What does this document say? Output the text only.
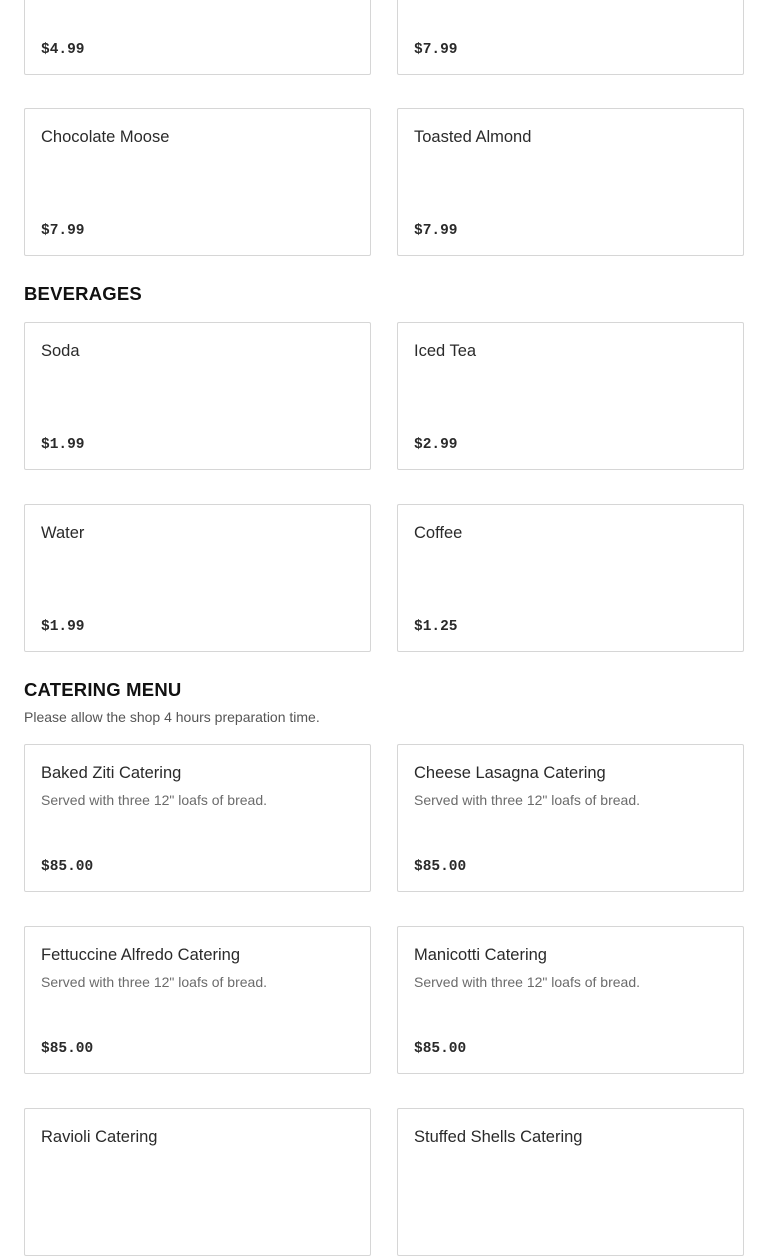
$4.99	$7.99
Chocolate Moose
$7.99
Toasted Almond
$7.99
BEVERAGES
Soda
$1.99
Iced Tea
$2.99
Water
$1.99
Coffee
$1.25
CATERING MENU
Please allow the shop 4 hours preparation time.
Baked Ziti Catering
Served with three 12" loafs of bread.
$85.00
Cheese Lasagna Catering
Served with three 12" loafs of bread.
$85.00
Fettuccine Alfredo Catering
Served with three 12" loafs of bread.
$85.00
Manicotti Catering
Served with three 12" loafs of bread.
$85.00
Ravioli Catering	Stuffed Shells Catering
